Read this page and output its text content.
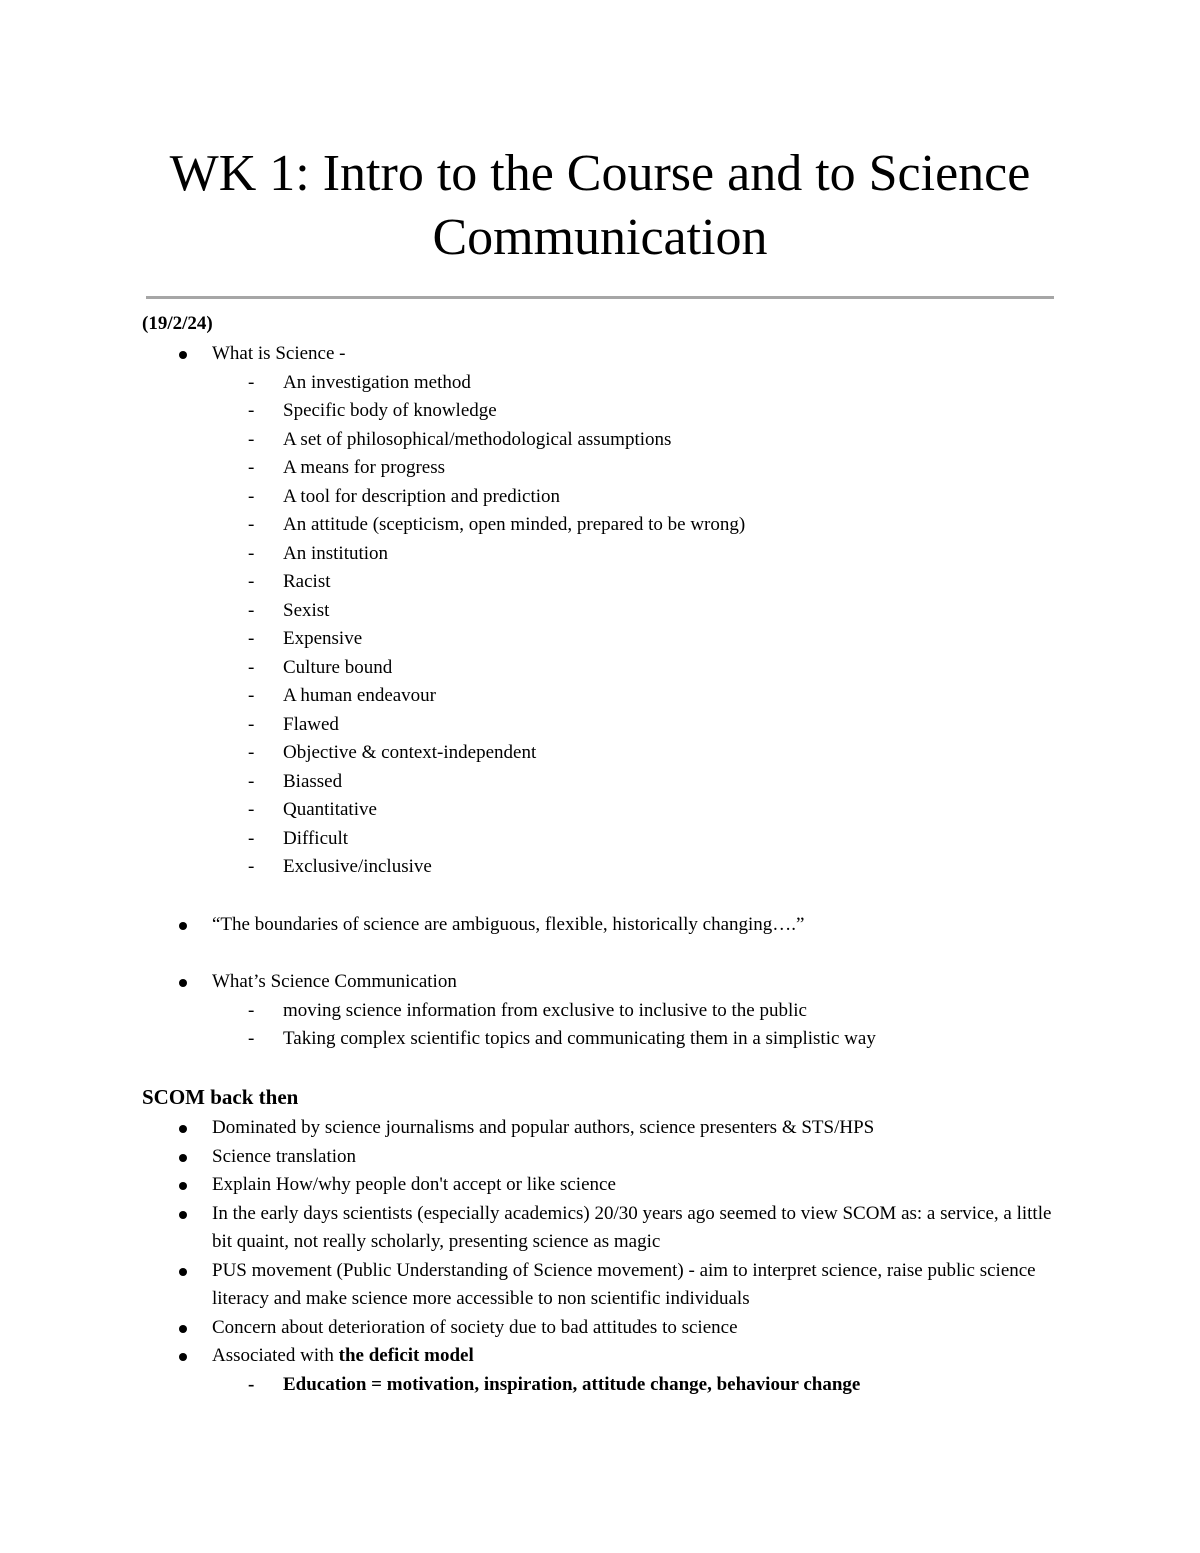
WK 1: Intro to the Course and to Science Communication
(19/2/24)
What is Science -
- An investigation method
- Specific body of knowledge
- A set of philosophical/methodological assumptions
- A means for progress
- A tool for description and prediction
- An attitude (scepticism, open minded, prepared to be wrong)
- An institution
- Racist
- Sexist
- Expensive
- Culture bound
- A human endeavour
- Flawed
- Objective & context-independent
- Biassed
- Quantitative
- Difficult
- Exclusive/inclusive
“The boundaries of science are ambiguous, flexible, historically changing….”
What’s Science Communication
- moving science information from exclusive to inclusive to the public
- Taking complex scientific topics and communicating them in a simplistic way
SCOM back then
Dominated by science journalisms and popular authors, science presenters & STS/HPS
Science translation
Explain How/why people don't accept or like science
In the early days scientists (especially academics) 20/30 years ago seemed to view SCOM as: a service, a little bit quaint, not really scholarly, presenting science as magic
PUS movement (Public Understanding of Science movement) - aim to interpret science, raise public science literacy and make science more accessible to non scientific individuals
Concern about deterioration of society due to bad attitudes to science
Associated with the deficit model
- Education = motivation, inspiration, attitude change, behaviour change
